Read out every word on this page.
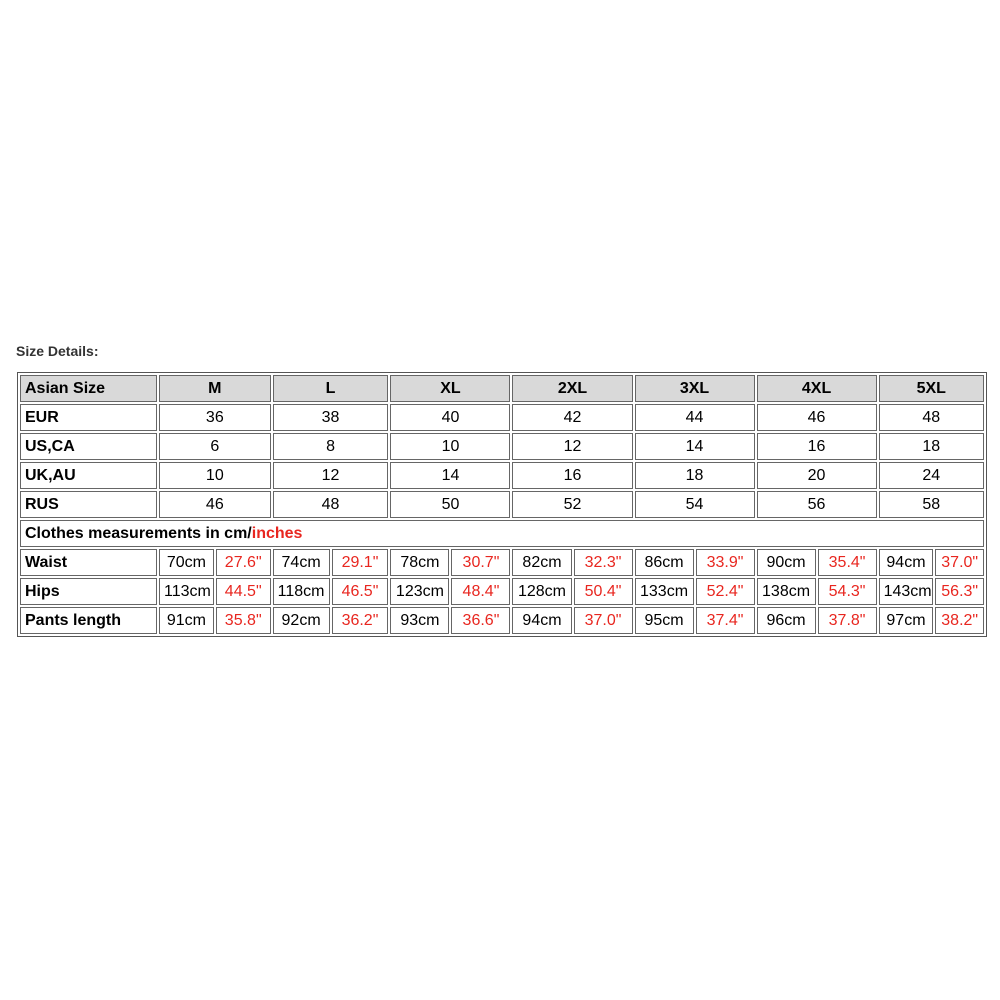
Size Details:
Asian Size	M		L		XL		2XL		3XL		4XL		5XL	
EUR	36		38		40		42		44		46		48	
US,CA	6		8		10		12		14		16		18	
UK,AU	10		12		14		16		18		20		24	
RUS	46		48		50		52		54		56		58	
Clothes measurements in cm/inches														
Waist	70cm	27.6"	74cm	29.1"	78cm	30.7"	82cm	32.3"	86cm	33.9"	90cm	35.4"	94cm	37.0"
Hips	113cm	44.5"	118cm	46.5"	123cm	48.4"	128cm	50.4"	133cm	52.4"	138cm	54.3"	143cm	56.3"
Pants length	91cm	35.8"	92cm	36.2"	93cm	36.6"	94cm	37.0"	95cm	37.4"	96cm	37.8"	97cm	38.2"
